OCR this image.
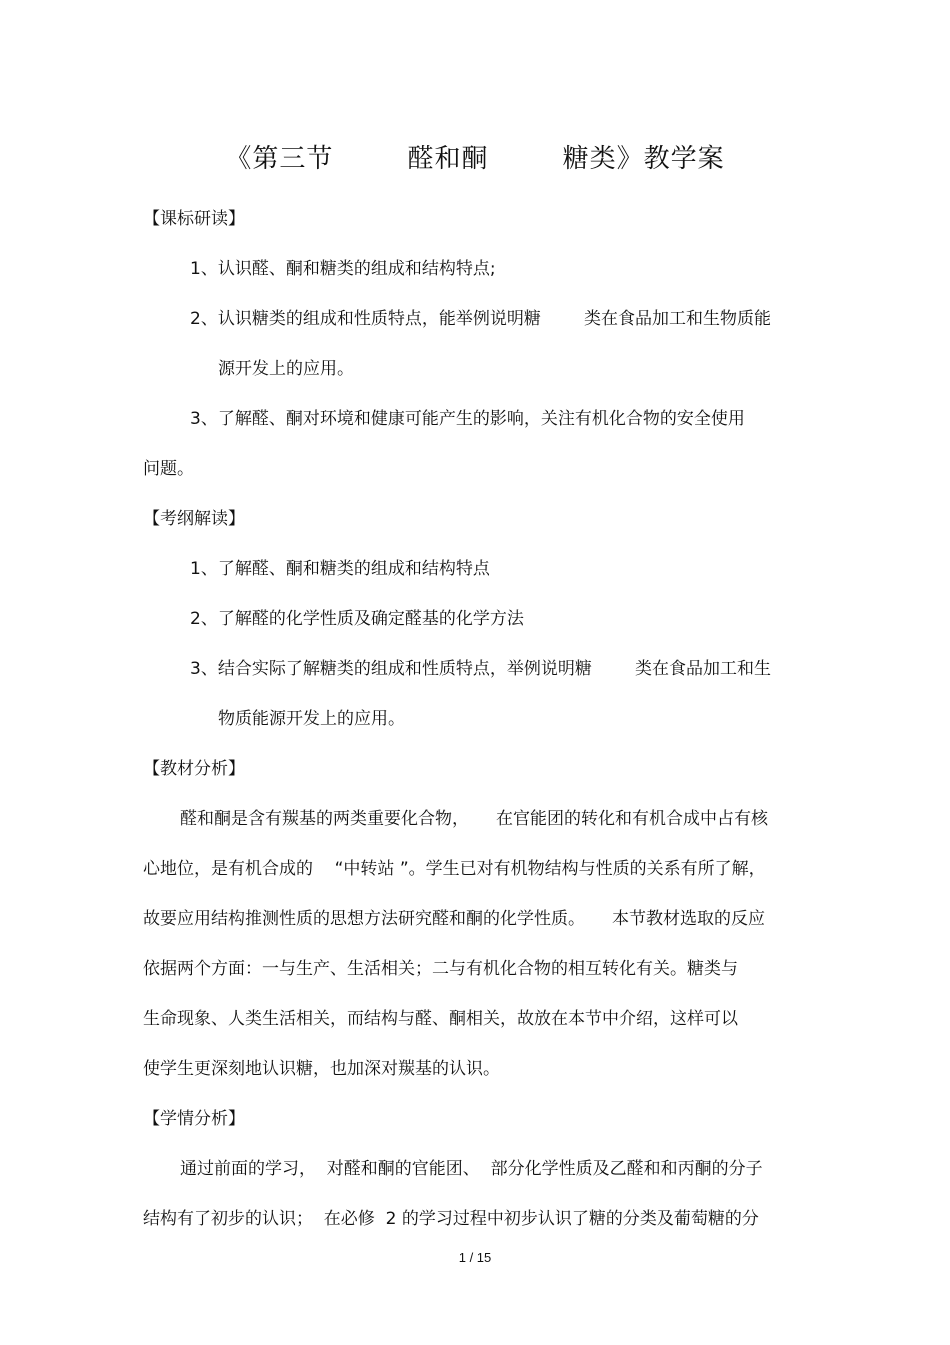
《第三节        醛和酮        糖类》教学案
【课标研读】
1、认识醛、酮和糖类的组成和结构特点;
2、认识糖类的组成和性质特点，能举例说明糖        类在食品加工和生物质能
源开发上的应用。
3、了解醛、酮对环境和健康可能产生的影响，关注有机化合物的安全使用
问题。
【考纲解读】
1、了解醛、酮和糖类的组成和结构特点
2、了解醛的化学性质及确定醛基的化学方法
3、结合实际了解糖类的组成和性质特点，举例说明糖        类在食品加工和生
物质能源开发上的应用。
【教材分析】
醛和酮是含有羰基的两类重要化合物，     在官能团的转化和有机合成中占有核
心地位，是有机合成的    “中转站 ”。学生已对有机物结构与性质的关系有所了解，
故要应用结构推测性质的思想方法研究醛和酮的化学性质。     本节教材选取的反应
依据两个方面：一与生产、生活相关；二与有机化合物的相互转化有关。糖类与
生命现象、人类生活相关，而结构与醛、酮相关，故放在本节中介绍，这样可以
使学生更深刻地认识糖，也加深对羰基的认识。
【学情分析】
通过前面的学习，  对醛和酮的官能团、  部分化学性质及乙醛和和丙酮的分子
结构有了初步的认识；  在必修  2 的学习过程中初步认识了糖的分类及葡萄糖的分
1 / 15
